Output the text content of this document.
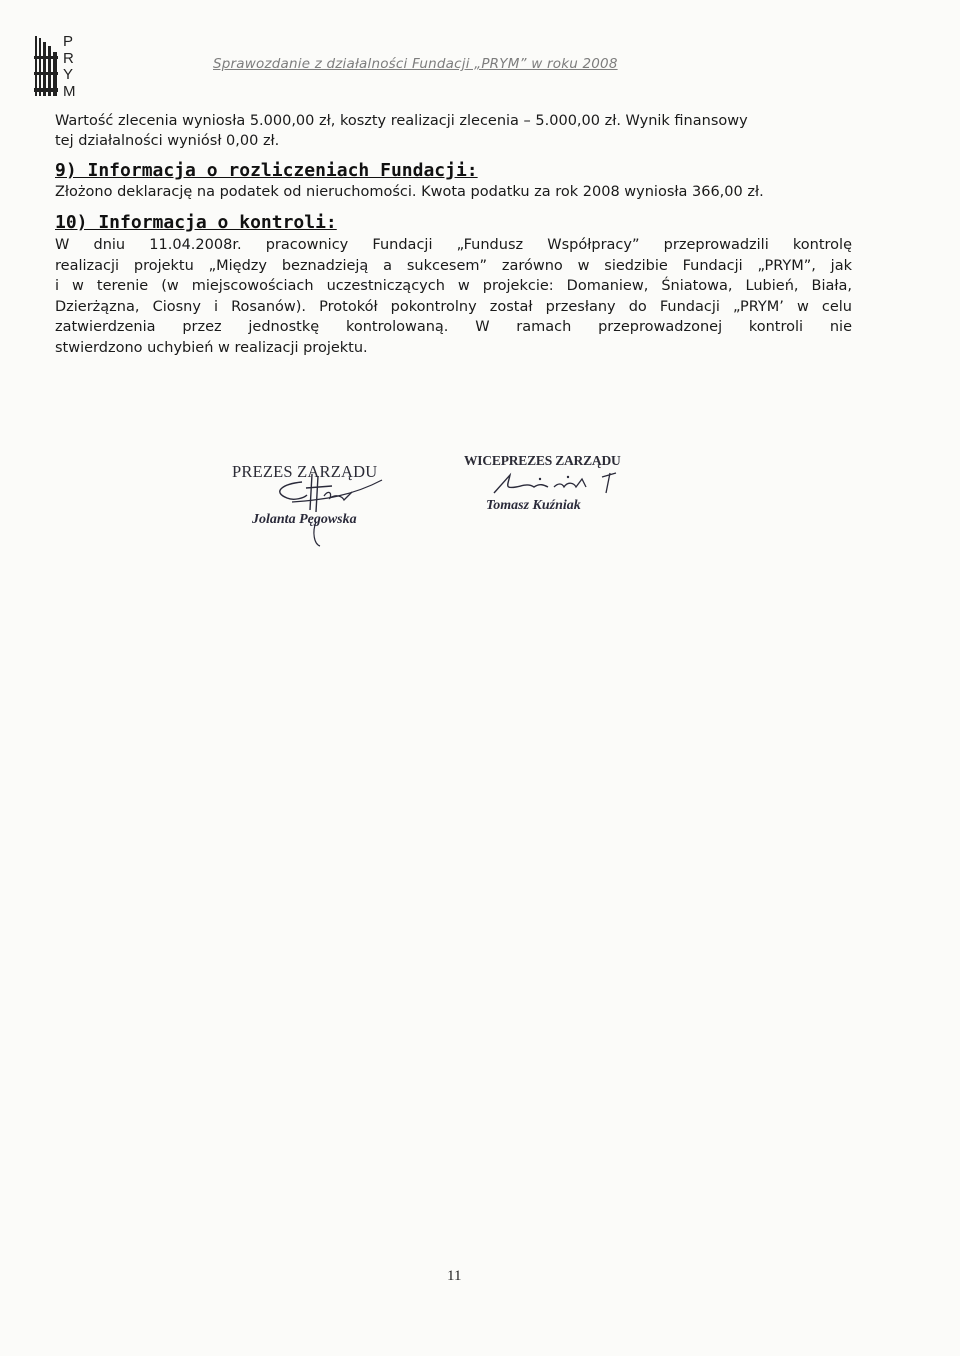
P
R
Y
M
Sprawozdanie z działalności Fundacji „PRYM” w roku 2008
Wartość zlecenia wyniosła 5.000,00 zł, koszty realizacji zlecenia – 5.000,00 zł. Wynik finansowy
tej działalności wyniósł 0,00 zł.
9) Informacja o rozliczeniach Fundacji:
Złożono deklarację na podatek od nieruchomości. Kwota podatku za rok 2008 wyniosła 366,00 zł.
10) Informacja o kontroli:
W dniu 11.04.2008r. pracownicy Fundacji „Fundusz Współpracy” przeprowadzili kontrolę
realizacji projektu „Między beznadzieją a sukcesem” zarówno w siedzibie Fundacji „PRYM”, jak
i w terenie (w miejscowościach uczestniczących w projekcie: Domaniew, Śniatowa, Lubień, Biała,
Dzierżązna, Ciosny i Rosanów). Protokół pokontrolny został przesłany do Fundacji „PRYM’ w celu
zatwierdzenia przez jednostkę kontrolowaną. W ramach przeprowadzonej kontroli nie
stwierdzono uchybień w realizacji projektu.
PREZES ZARZĄDU
Jolanta Pęgowska
WICEPREZES ZARZĄDU
Tomasz Kuźniak
11
